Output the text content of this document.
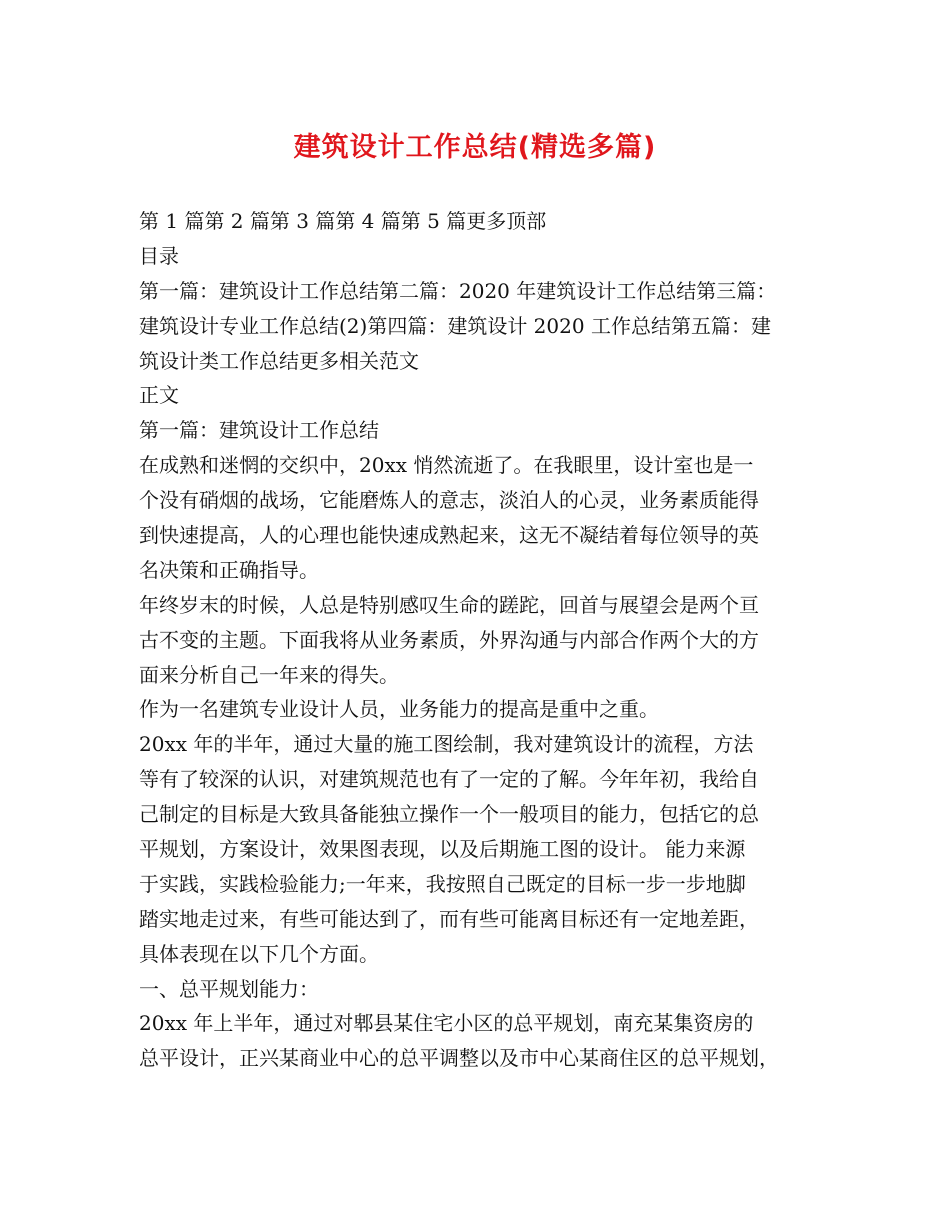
建筑设计工作总结(精选多篇)
第 1 篇第 2 篇第 3 篇第 4 篇第 5 篇更多顶部
目录
第一篇：建筑设计工作总结第二篇：2020 年建筑设计工作总结第三篇：
建筑设计专业工作总结(2)第四篇：建筑设计 2020 工作总结第五篇：建
筑设计类工作总结更多相关范文
正文
第一篇：建筑设计工作总结
在成熟和迷惘的交织中，20xx 悄然流逝了。在我眼里，设计室也是一
个没有硝烟的战场，它能磨炼人的意志，淡泊人的心灵，业务素质能得
到快速提高，人的心理也能快速成熟起来，这无不凝结着每位领导的英
名决策和正确指导。
年终岁末的时候，人总是特别感叹生命的蹉跎，回首与展望会是两个亘
古不变的主题。下面我将从业务素质，外界沟通与内部合作两个大的方
面来分析自己一年来的得失。
作为一名建筑专业设计人员，业务能力的提高是重中之重。
20xx 年的半年，通过大量的施工图绘制，我对建筑设计的流程，方法
等有了较深的认识，对建筑规范也有了一定的了解。今年年初，我给自
己制定的目标是大致具备能独立操作一个一般项目的能力，包括它的总
平规划，方案设计，效果图表现，以及后期施工图的设计。 能力来源
于实践，实践检验能力;一年来，我按照自己既定的目标一步一步地脚
踏实地走过来，有些可能达到了，而有些可能离目标还有一定地差距，
具体表现在以下几个方面。
一、总平规划能力：
20xx 年上半年，通过对郫县某住宅小区的总平规划，南充某集资房的
总平设计，正兴某商业中心的总平调整以及市中心某商住区的总平规划，
